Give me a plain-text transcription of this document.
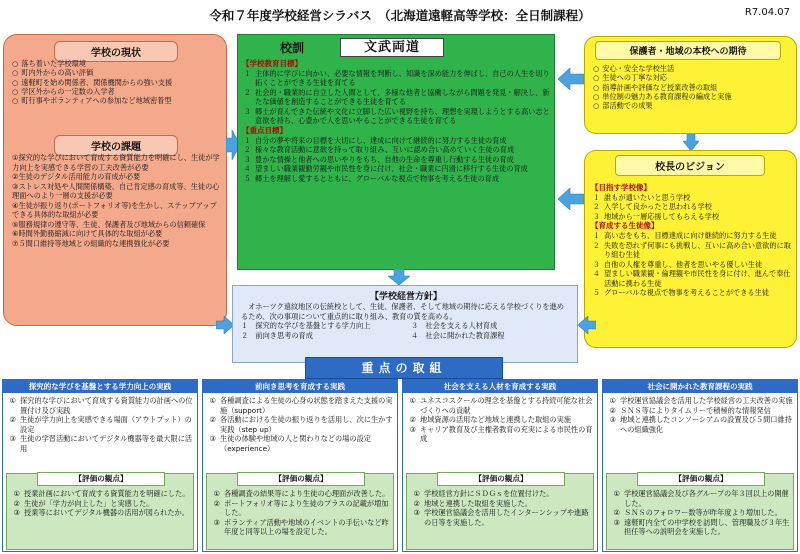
令和７年度学校経営シラバス　（北海道遠軽高等学校：全日制課程）	R7.04.07
学校の現状
○ 落ち着いた学校環境
○ 町内外からの高い評価
○ 遠軽町を始め関係者、関係機関からの強い支援
○ 学区外からの一定数の入学者
○ 町行事やボランティアへの参加など地域密着型
学校の課題
①探究的な学びにおいて育成する資質能力を明確にし、生徒が学力向上を実感できる学習の工夫改善が必要
②生徒のデジタル活用能力の育成が必要
③ストレス対処や人間関係構築、自己肯定感の育成等、生徒の心理面へのより一層の支援が必要
④生徒が振り返り(ポートフォリオ等)を生かし、ステップアップできる具体的な取組が必要
⑤服務規律の遵守等、生徒、保護者及び地域からの信頼確保
⑥時間外勤務縮減に向けて具体的な取組が必要
⑦５間口維持等地域との組織的な連携強化が必要
校訓	文武両道
【学校教育目標】
１ 主体的に学びに向かい、必要な情報を判断し、知識を深め能力を伸ばし、自己の人生を切り拓くことができる生徒を育てる
２ 社会的・職業的に自立した人間として、多様な他者と協働しながら問題を発見・解決し、新たな価値を創造することができる生徒を育てる
３ 郷土が育んできた伝統や文化に立脚した広い視野を持ち、理想を実現しようとする高い志と意欲を持ち、心豊かで人を思いやることができる生徒を育てる
【重点目標】
１ 自分の夢や将来の目標を大切にし、達成に向けて継続的に努力する生徒の育成
２ 様々な教育活動に意欲を持って取り組み、互いに認め合い高めていく生徒の育成
３ 豊かな情操と他者への思いやりをもち、自他の生命を尊重し行動する生徒の育成
４ 望ましい職業観勤労観や市民性を身に付け、社会・職業に円滑に移行する生徒の育成
５ 郷土を理解し愛するとともに、グローバルな視点で物事を考える生徒の育成
保護者・地域の本校への期待
○ 安心・安全な学校生活
○ 生徒への丁寧な対応
○ 指導計画や評価など授業改善の取組
○ 単位制の魅力ある教育課程の編成と実施
○ 部活動での成果
校長のビジョン
【目指す学校像】
１ 誰もが通いたいと思う学校
２ 入学して良かったと思われる学校
３ 地域から一層応援してもらえる学校
【育成する生徒像】
１ 高い志をもち、目標達成に向け継続的に努力する生徒
２ 失敗を恐れず何事にも挑戦し、互いに高め合い意欲的に取り組む生徒
３ 自他の人権を尊重し、他者を思いやる優しい生徒
４ 望ましい職業観・倫理観や市民性を身に付け、進んで奉仕活動に携わる生徒
５ グローバルな視点で物事を考えることができる生徒
【学校経営方針】
オホーツク遠紋地区の伝統校として、生徒、保護者、そして地域の期待に応える学校づくりを進めるため、次の事項について重点的に取り組み、教育の質を高める。
１　探究的な学びを基盤とする学力向上	３　社会を支える人材育成
２　前向き思考の育成	４　社会に開かれた教育課程
重点の取組
探究的な学びを基盤とする学力向上の実践
① 探究的な学びにおいて育成する資質能力の計画への位置付け及び実践
② 生徒が学力向上を実感できる場面（アウトプット）の設定
③ 生徒の学習活動においてデジタル機器等を最大限に活用
【評価の観点】
① 授業計画において育成する資質能力を明確にした。
② 生徒が「学力が向上した」と実感した。
③ 授業等においてデジタル機器の活用が図られたか。
前向き思考を育成する実践
① 各種調査による生徒の心身の状態を踏まえた支援の実施（support）
② 各活動における生徒の振り返りを活用し、次に生かす実践（step up）
③ 生徒の体験や地域の人と関わりなどの場の設定（experience）
【評価の観点】
① 各種調査の結果等により生徒の心理面が改善した。
② ポートフォリオ等により生徒のプラスの記載が増加した。
③ ボランティア活動や地域のイベントの手伝いなど昨年度と同等以上の場を設定した。
社会を支える人材を育成する実践
① ユネスコスクールの理念を基盤とする持続可能な社会づくりへの貢献
② 地域資源の活用など地域と連携した取組の実施
③ キャリア教育及び主権者教育の充実による市民性の育成
【評価の観点】
① 学校経営方針にＳＤＧｓを位置付けた。
② 地域と連携した取組を実施した。
③ 学校運営協議会を活用したインターンシップや進路の日等を実施した。
社会に開かれた教育課程の実践
① 学校運営協議会を活用した学校経営の工夫改善の実施
② ＳＮＳ等によりタイムリーで積極的な情報発信
③ 地域と連携したコンソーシアムの設置及び５間口維持への組織強化
【評価の観点】
① 学校運営協議会及び各グループの年３回以上の開催した。
② ＳＮＳのフォロワー数等が昨年度より増加した。
③ 遠軽町内全ての中学校を訪問し、管理職及び３年生担任等への説明会を実施した。
